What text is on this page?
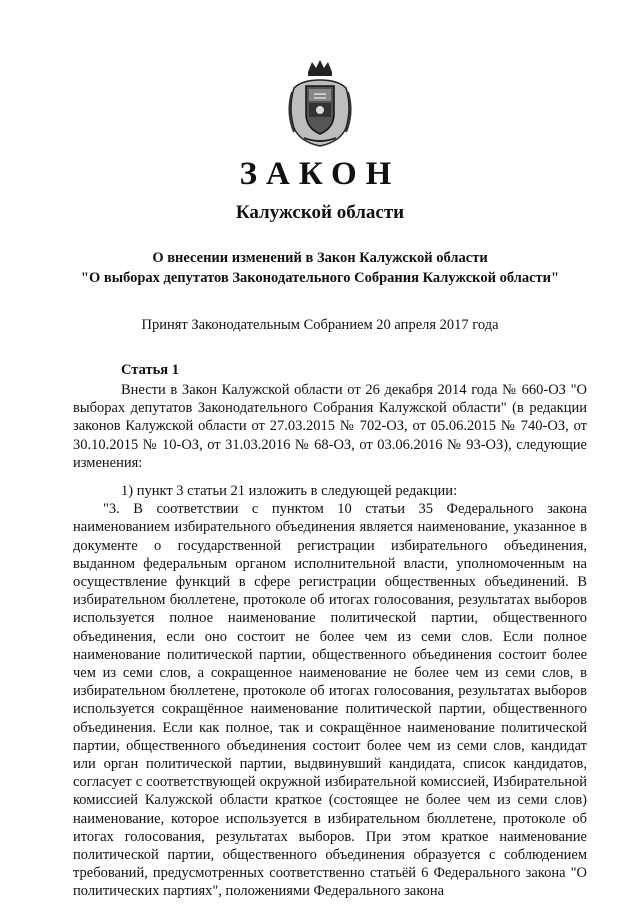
ЗАКОН
Калужской области
О внесении изменений в Закон Калужской области
"О выборах депутатов Законодательного Собрания Калужской области"
Принят Законодательным Собранием 20 апреля 2017 года
Статья 1

Внести в Закон Калужской области от 26 декабря 2014 года № 660-ОЗ "О выборах депутатов Законодательного Собрания Калужской области" (в редакции законов Калужской области от 27.03.2015 № 702-ОЗ, от 05.06.2015 № 740-ОЗ, от 30.10.2015 № 10-ОЗ, от 31.03.2016 № 68-ОЗ, от 03.06.2016 № 93-ОЗ), следующие изменения:

1) пункт 3 статьи 21 изложить в следующей редакции:

"3. В соответствии с пунктом 10 статьи 35 Федерального закона наименованием избирательного объединения является наименование, указанное в документе о государственной регистрации избирательного объединения, выданном федеральным органом исполнительной власти, уполномоченным на осуществление функций в сфере регистрации общественных объединений. В избирательном бюллетене, протоколе об итогах голосования, результатах выборов используется полное наименование политической партии, общественного объединения, если оно состоит не более чем из семи слов. Если полное наименование политической партии, общественного объединения состоит более чем из семи слов, а сокращенное наименование не более чем из семи слов, в избирательном бюллетене, протоколе об итогах голосования, результатах выборов используется сокращённое наименование политической партии, общественного объединения. Если как полное, так и сокращённое наименование политической партии, общественного объединения состоит более чем из семи слов, кандидат или орган политической партии, выдвинувший кандидата, список кандидатов, согласует с соответствующей окружной избирательной комиссией, Избирательной комиссией Калужской области краткое (состоящее не более чем из семи слов) наименование, которое используется в избирательном бюллетене, протоколе об итогах голосования, результатах выборов. При этом краткое наименование политической партии, общественного объединения образуется с соблюдением требований, предусмотренных соответственно статьёй 6 Федерального закона "О политических партиях", положениями Федерального закона
